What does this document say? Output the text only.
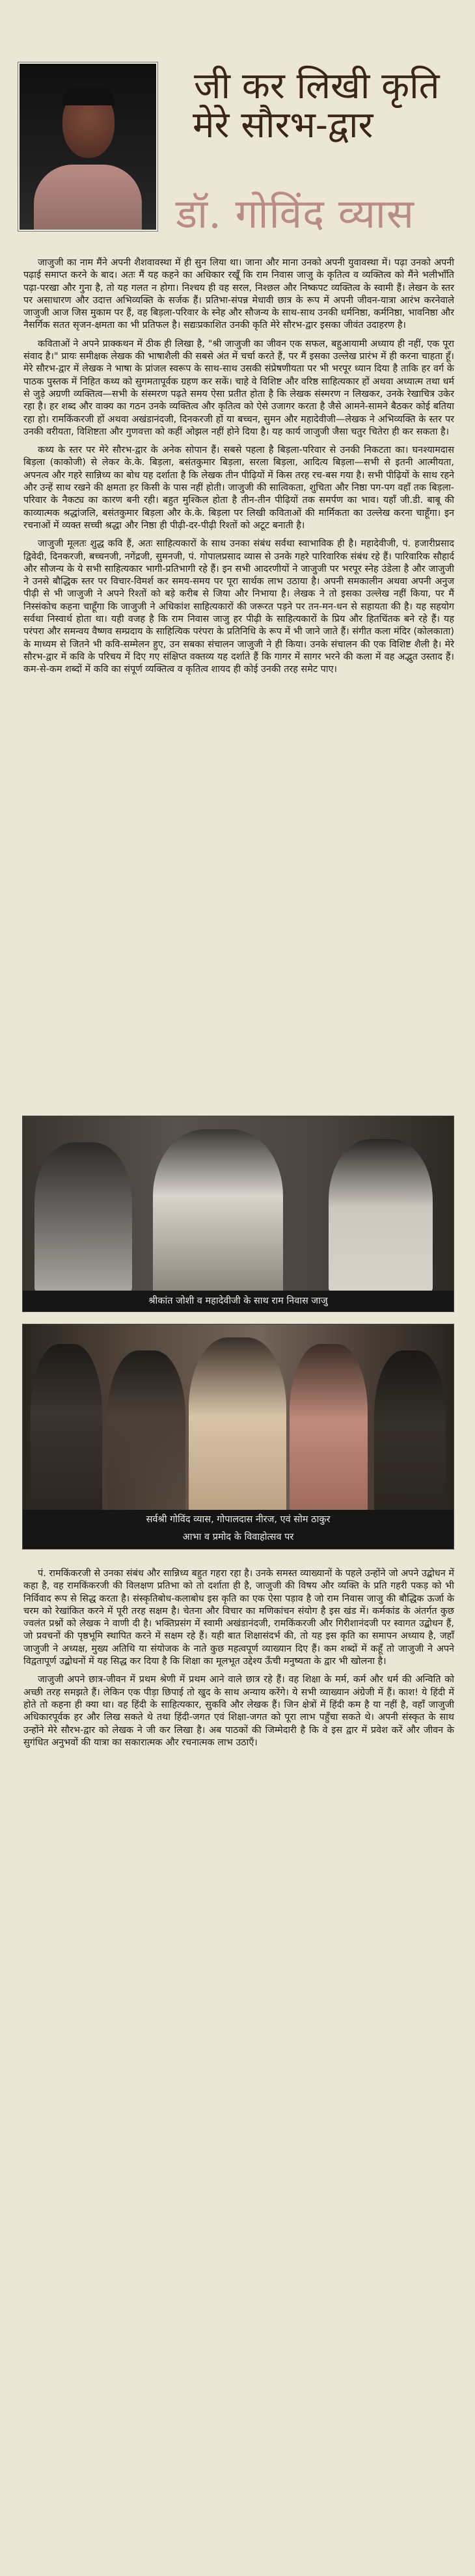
जी कर लिखी कृति
मेरे सौरभ-द्वार
डॉ. गोविंद व्यास

जाजुजी का नाम मैंने अपनी शैशवावस्था में ही सुन लिया था। जाना और माना उनको अपनी युवावस्था में। पढ़ा उनको अपनी पढ़ाई समाप्त करने के बाद। अतः मैं यह कहने का अधिकार रखूँ कि राम निवास जाजु के कृतित्व व व्यक्तित्व को मैंने भलीभाँति पढ़ा-परखा और गुना है, तो यह गलत न होगा। निश्चय ही वह सरल, निश्छल और निष्कपट व्यक्तित्व के स्वामी हैं। लेखन के स्तर पर असाधारण और उदात्त अभिव्यक्ति के सर्जक हैं। प्रतिभा-संपन्न मेधावी छात्र के रूप में अपनी जीवन-यात्रा आरंभ करनेवाले जाजुजी आज जिस मुकाम पर हैं, वह बिड़ला-परिवार के स्नेह और सौजन्य के साथ-साथ उनकी धर्मनिष्ठा, कर्मनिष्ठा, भावनिष्ठा और नैसर्गिक सतत सृजन-क्षमता का भी प्रतिफल है। सद्यःप्रकाशित उनकी कृति मेरे सौरभ-द्वार इसका जीवंत उदाहरण है।

कविताओं ने अपने प्राक्कथन में ठीक ही लिखा है, "श्री जाजुजी का जीवन एक सफल, बहुआयामी अध्याय ही नहीं, एक पूरा संवाद है।" प्रायः समीक्षक लेखक की भाषाशैली की सबसे अंत में चर्चा करते हैं, पर मैं इसका उल्लेख प्रारंभ में ही करना चाहता हूँ। मेरे सौरभ-द्वार में लेखक ने भाषा के प्रांजल स्वरूप के साथ-साथ उसकी संप्रेषणीयता पर भी भरपूर ध्यान दिया है ताकि हर वर्ग के पाठक पुस्तक में निहित कथ्य को सुगमतापूर्वक ग्रहण कर सकें। चाहे वे विशिष्ट और वरिष्ठ साहित्यकार हों अथवा अध्यात्म तथा धर्म से जुड़े अग्रणी व्यक्तित्व—सभी के संस्मरण पढ़ते समय ऐसा प्रतीत होता है कि लेखक संस्मरण न लिखकर, उनके रेखाचित्र उकेर रहा है। हर शब्द और वाक्य का गठन उनके व्यक्तित्व और कृतित्व को ऐसे उजागर करता है जैसे आमने-सामने बैठकर कोई बतिया रहा हो। रामकिंकरजी हों अथवा अखंडानंदजी, दिनकरजी हों या बच्चन, सुमन और महादेवीजी—लेखक ने अभिव्यक्ति के स्तर पर उनकी वरीयता, विशिष्टता और गुणवत्ता को कहीं ओझल नहीं होने दिया है। यह कार्य जाजुजी जैसा चतुर चितेरा ही कर सकता है।

कथ्य के स्तर पर मेरे सौरभ-द्वार के अनेक सोपान हैं। सबसे पहला है बिड़ला-परिवार से उनकी निकटता का। घनश्यामदास बिड़ला (काकोजी) से लेकर के.के. बिड़ला, बसंतकुमार बिड़ला, सरला बिड़ला, आदित्य बिड़ला—सभी से इतनी आत्मीयता, अपनत्व और गहरे सान्निध्य का बोध यह दर्शाता है कि लेखक तीन पीढ़ियों में किस तरह रच-बस गया है। सभी पीढ़ियों के साथ रहने और उन्हें साथ रखने की क्षमता हर किसी के पास नहीं होती। जाजुजी की सात्विकता, शुचिता और निष्ठा पग-पग वहाँ तक बिड़ला-परिवार के नैकट्य का कारण बनी रही। बहुत मुश्किल होता है तीन-तीन पीढ़ियों तक समर्पण का भाव। यहाँ जी.डी. बाबू की काव्यात्मक श्रद्धांजलि, बसंतकुमार बिड़ला और के.के. बिड़ला पर लिखी कविताओं की मार्मिकता का उल्लेख करना चाहूँगा। इन रचनाओं में व्यक्त सच्ची श्रद्धा और निष्ठा ही पीढ़ी-दर-पीढ़ी रिश्तों को अटूट बनाती है।

जाजुजी मूलतः शुद्ध कवि हैं, अतः साहित्यकारों के साथ उनका संबंध सर्वथा स्वाभाविक ही है। महादेवीजी, पं. हजारीप्रसाद द्विवेदी, दिनकरजी, बच्चनजी, नगेंद्रजी, सुमनजी, पं. गोपालप्रसाद व्यास से उनके गहरे पारिवारिक संबंध रहे हैं। पारिवारिक सौहार्द और सौजन्य के ये सभी साहित्यकार भागी-प्रतिभागी रहे हैं। इन सभी आदरणीयों ने जाजुजी पर भरपूर स्नेह उंडेला है और जाजुजी ने उनसे बौद्धिक स्तर पर विचार-विमर्श कर समय-समय पर पूरा सार्थक लाभ उठाया है। अपनी समकालीन अथवा अपनी अनुज पीढ़ी से भी जाजुजी ने अपने रिश्तों को बड़े करीब से जिया और निभाया है। लेखक ने तो इसका उल्लेख नहीं किया, पर मैं निस्संकोच कहना चाहूँगा कि जाजुजी ने अधिकांश साहित्यकारों की जरूरत पड़ने पर तन-मन-धन से सहायता की है। यह सहयोग सर्वथा निस्वार्थ होता था। यही वजह है कि राम निवास जाजु हर पीढ़ी के साहित्यकारों के प्रिय और हितचिंतक बने रहे हैं। यह परंपरा और समन्वय वैष्णव सम्प्रदाय के साहित्यिक परंपरा के प्रतिनिधि के रूप में भी जाने जाते हैं। संगीत कला मंदिर (कोलकाता) के माध्यम से जितने भी कवि-सम्मेलन हुए, उन सबका संचालन जाजुजी ने ही किया। उनके संचालन की एक विशिष्ट शैली है। मेरे सौरभ-द्वार में कवि के परिचय में दिए गए संक्षिप्त वक्तव्य यह दर्शाते हैं कि गागर में सागर भरने की कला में वह अद्भुत उस्ताद हैं। कम-से-कम शब्दों में कवि का संपूर्ण व्यक्तित्व व कृतित्व शायद ही कोई उनकी तरह समेट पाए।

श्रीकांत जोशी व महादेवीजी के साथ राम निवास जाजु
सर्वश्री गोविंद व्यास, गोपालदास नीरज, एवं सोम ठाकुर
आभा व प्रमोद के विवाहोत्सव पर

पं. रामकिंकरजी से उनका संबंध और सान्निध्य बहुत गहरा रहा है। उनके समस्त व्याख्यानों के पहले उन्होंने जो अपने उद्बोधन में कहा है, वह रामकिंकरजी की विलक्षण प्रतिभा को तो दर्शाता ही है, जाजुजी की विषय और व्यक्ति के प्रति गहरी पकड़ को भी निर्विवाद रूप से सिद्ध करता है। संस्कृतिबोध-कलाबोध इस कृति का एक ऐसा पड़ाव है जो राम निवास जाजु की बौद्धिक ऊर्जा के चरम को रेखांकित करने में पूरी तरह सक्षम है। चेतना और विचार का मणिकांचन संयोग है इस खंड में। कर्मकांड के अंतर्गत कुछ ज्वलंत प्रश्नों को लेखक ने वाणी दी है। भक्तिप्रसंग में स्वामी अखंडानंदजी, रामकिंकरजी और गिरीशानंदजी पर स्वागत उद्बोधन हैं, जो प्रवचनों की पृष्ठभूमि स्थापित करने में सक्षम रहे हैं। यही बात शिक्षासंदर्भ की, तो यह इस कृति का समापन अध्याय है, जहाँ जाजुजी ने अध्यक्ष, मुख्य अतिथि या संयोजक के नाते कुछ महत्वपूर्ण व्याख्यान दिए हैं। कम शब्दों में कहूँ तो जाजुजी ने अपने विद्वतापूर्ण उद्बोधनों में यह सिद्ध कर दिया है कि शिक्षा का मूलभूत उद्देश्य ऊँची मनुष्यता के द्वार भी खोलना है।

जाजुजी अपने छात्र-जीवन में प्रथम श्रेणी में प्रथम आने वाले छात्र रहे हैं। वह शिक्षा के मर्म, कर्म और धर्म की अन्विति को अच्छी तरह समझते हैं। लेकिन एक पीड़ा छिपाई तो खुद के साथ अन्याय करेंगे। ये सभी व्याख्यान अंग्रेजी में हैं। काश! ये हिंदी में होते तो कहना ही क्या था। वह हिंदी के साहित्यकार, सुकवि और लेखक हैं। जिन क्षेत्रों में हिंदी कम है या नहीं है, वहाँ जाजुजी अधिकारपूर्वक हर और लिख सकते थे तथा हिंदी-जगत एवं शिक्षा-जगत को पूरा लाभ पहुँचा सकते थे। अपनी संस्कृत के साथ उन्होंने मेरे सौरभ-द्वार को लेखक ने जी कर लिखा है। अब पाठकों की जिम्मेदारी है कि वे इस द्वार में प्रवेश करें और जीवन के सुगंधित अनुभवों की यात्रा का सकारात्मक और रचनात्मक लाभ उठाएँ।
